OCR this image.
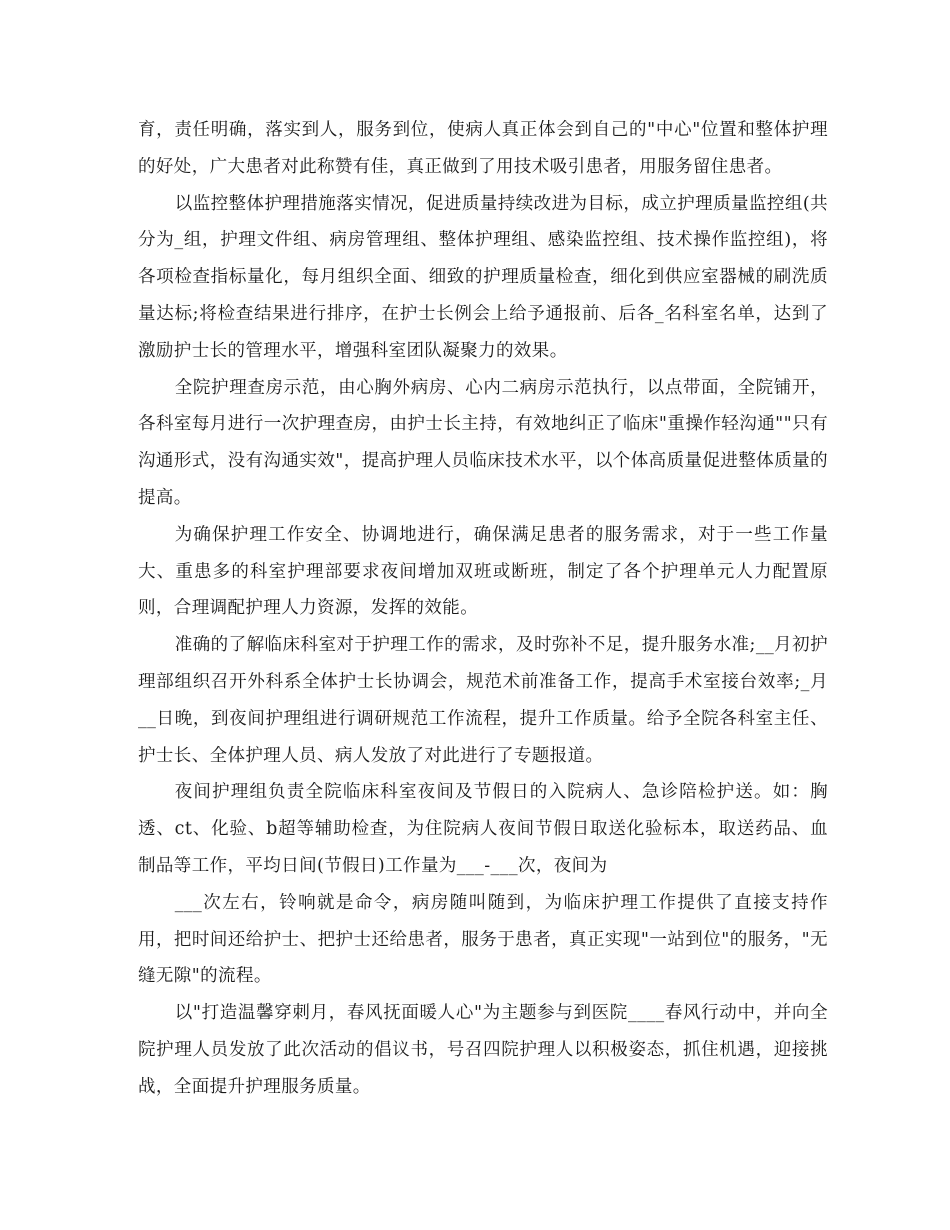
育，责任明确，落实到人，服务到位，使病人真正体会到自己的"中心"位置和整体护理的好处，广大患者对此称赞有佳，真正做到了用技术吸引患者，用服务留住患者。

以监控整体护理措施落实情况，促进质量持续改进为目标，成立护理质量监控组(共分为_组，护理文件组、病房管理组、整体护理组、感染监控组、技术操作监控组)，将各项检查指标量化，每月组织全面、细致的护理质量检查，细化到供应室器械的刷洗质量达标;将检查结果进行排序，在护士长例会上给予通报前、后各_名科室名单，达到了激励护士长的管理水平，增强科室团队凝聚力的效果。

全院护理查房示范，由心胸外病房、心内二病房示范执行，以点带面，全院铺开，各科室每月进行一次护理查房，由护士长主持，有效地纠正了临床"重操作轻沟通""只有沟通形式，没有沟通实效"，提高护理人员临床技术水平，以个体高质量促进整体质量的提高。

为确保护理工作安全、协调地进行，确保满足患者的服务需求，对于一些工作量大、重患多的科室护理部要求夜间增加双班或断班，制定了各个护理单元人力配置原则，合理调配护理人力资源，发挥的效能。

准确的了解临床科室对于护理工作的需求，及时弥补不足，提升服务水准;__月初护理部组织召开外科系全体护士长协调会，规范术前准备工作，提高手术室接台效率;_月__日晚，到夜间护理组进行调研规范工作流程，提升工作质量。给予全院各科室主任、护士长、全体护理人员、病人发放了对此进行了专题报道。

夜间护理组负责全院临床科室夜间及节假日的入院病人、急诊陪检护送。如：胸透、ct、化验、b超等辅助检查，为住院病人夜间节假日取送化验标本，取送药品、血制品等工作，平均日间(节假日)工作量为___-___次，夜间为

___次左右，铃响就是命令，病房随叫随到，为临床护理工作提供了直接支持作用，把时间还给护士、把护士还给患者，服务于患者，真正实现"一站到位"的服务，"无缝无隙"的流程。

以"打造温馨穿刺月，春风抚面暖人心"为主题参与到医院____春风行动中，并向全院护理人员发放了此次活动的倡议书，号召四院护理人以积极姿态，抓住机遇，迎接挑战，全面提升护理服务质量。
